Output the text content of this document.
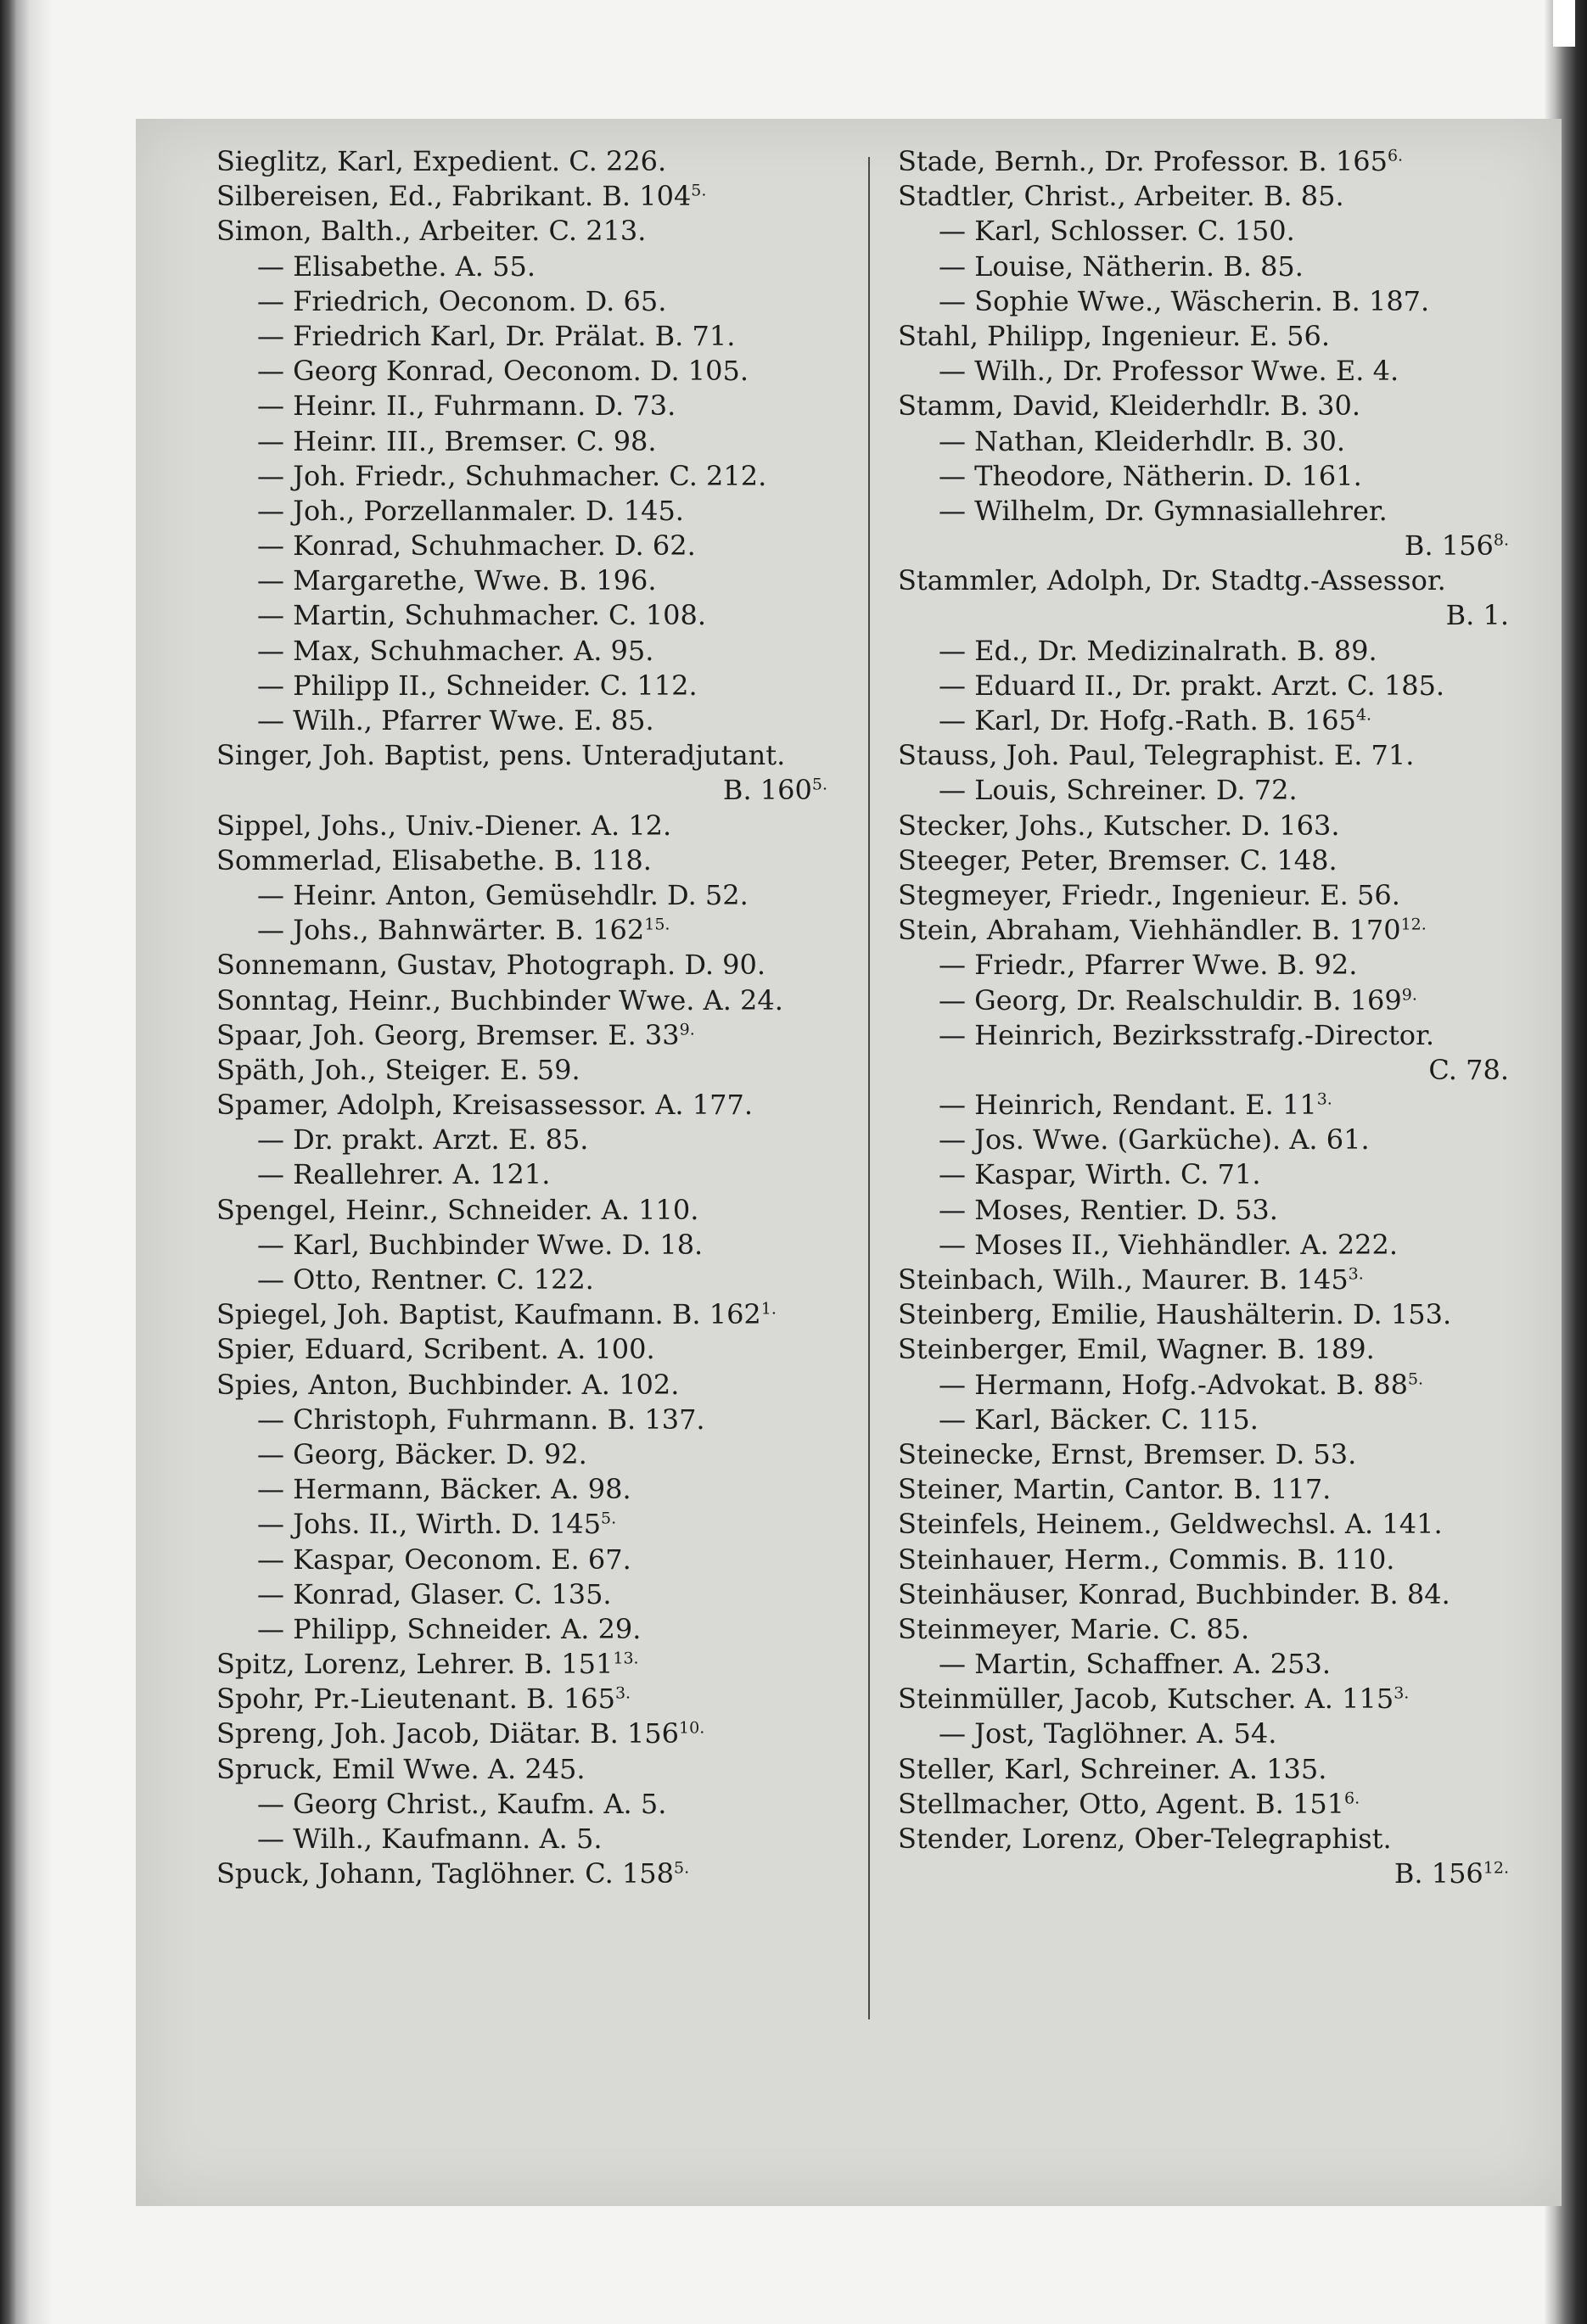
Sieglitz, Karl, Expedient. C. 226.
Silbereisen, Ed., Fabrikant. B. $104^{5.}$
Simon, Balth., Arbeiter. C. 213.
— Elisabethe. A. 55.
— Friedrich, Oeconom. D. 65.
— Friedrich Karl, Dr. Prälat. B. 71.
— Georg Konrad, Oeconom. D. 105.
— Heinr. II., Fuhrmann. D. 73.
— Heinr. III., Bremser. C. 98.
— Joh. Friedr., Schuhmacher. C. 212.
— Joh., Porzellanmaler. D. 145.
— Konrad, Schuhmacher. D. 62.
— Margarethe, Wwe. B. 196.
— Martin, Schuhmacher. C. 108.
— Max, Schuhmacher. A. 95.
— Philipp II., Schneider. C. 112.
— Wilh., Pfarrer Wwe. E. 85.
Singer, Joh. Baptist, pens. Unteradjutant.
B. $160^{5.}$
Sippel, Johs., Univ.-Diener. A. 12.
Sommerlad, Elisabethe. B. 118.
— Heinr. Anton, Gemüsehdlr. D. 52.
— Johs., Bahnwärter. B. $162^{15.}$
Sonnemann, Gustav, Photograph. D. 90.
Sonntag, Heinr., Buchbinder Wwe. A. 24.
Spaar, Joh. Georg, Bremser. E. $33^{9.}$
Späth, Joh., Steiger. E. 59.
Spamer, Adolph, Kreisassessor. A. 177.
— Dr. prakt. Arzt. E. 85.
— Reallehrer. A. 121.
Spengel, Heinr., Schneider. A. 110.
— Karl, Buchbinder Wwe. D. 18.
— Otto, Rentner. C. 122.
Spiegel, Joh. Baptist, Kaufmann. B. $162^{1.}$
Spier, Eduard, Scribent. A. 100.
Spies, Anton, Buchbinder. A. 102.
— Christoph, Fuhrmann. B. 137.
— Georg, Bäcker. D. 92.
— Hermann, Bäcker. A. 98.
— Johs. II., Wirth. D. $145^{5.}$
— Kaspar, Oeconom. E. 67.
— Konrad, Glaser. C. 135.
— Philipp, Schneider. A. 29.
Spitz, Lorenz, Lehrer. B. $151^{13.}$
Spohr, Pr.-Lieutenant. B. $165^{3.}$
Spreng, Joh. Jacob, Diätar. B. $156^{10.}$
Spruck, Emil Wwe. A. 245.
— Georg Christ., Kaufm. A. 5.
— Wilh., Kaufmann. A. 5.
Spuck, Johann, Taglöhner. C. $158^{5.}$
Stade, Bernh., Dr. Professor. B. $165^{6.}$
Stadtler, Christ., Arbeiter. B. 85.
— Karl, Schlosser. C. 150.
— Louise, Nätherin. B. 85.
— Sophie Wwe., Wäscherin. B. 187.
Stahl, Philipp, Ingenieur. E. 56.
— Wilh., Dr. Professor Wwe. E. 4.
Stamm, David, Kleiderhdlr. B. 30.
— Nathan, Kleiderhdlr. B. 30.
— Theodore, Nätherin. D. 161.
— Wilhelm, Dr. Gymnasiallehrer.
B. $156^{8.}$
Stammler, Adolph, Dr. Stadtg.-Assessor.
B. 1.
— Ed., Dr. Medizinalrath. B. 89.
— Eduard II., Dr. prakt. Arzt. C. 185.
— Karl, Dr. Hofg.-Rath. B. $165^{4.}$
Stauss, Joh. Paul, Telegraphist. E. 71.
— Louis, Schreiner. D. 72.
Stecker, Johs., Kutscher. D. 163.
Steeger, Peter, Bremser. C. 148.
Stegmeyer, Friedr., Ingenieur. E. 56.
Stein, Abraham, Viehhändler. B. $170^{12.}$
— Friedr., Pfarrer Wwe. B. 92.
— Georg, Dr. Realschuldir. B. $169^{9.}$
— Heinrich, Bezirksstrafg.-Director.
C. 78.
— Heinrich, Rendant. E. $11^{3.}$
— Jos. Wwe. (Garküche). A. 61.
— Kaspar, Wirth. C. 71.
— Moses, Rentier. D. 53.
— Moses II., Viehhändler. A. 222.
Steinbach, Wilh., Maurer. B. $145^{3.}$
Steinberg, Emilie, Haushälterin. D. 153.
Steinberger, Emil, Wagner. B. 189.
— Hermann, Hofg.-Advokat. B. $88^{5.}$
— Karl, Bäcker. C. 115.
Steinecke, Ernst, Bremser. D. 53.
Steiner, Martin, Cantor. B. 117.
Steinfels, Heinem., Geldwechsl. A. 141.
Steinhauer, Herm., Commis. B. 110.
Steinhäuser, Konrad, Buchbinder. B. 84.
Steinmeyer, Marie. C. 85.
— Martin, Schaffner. A. 253.
Steinmüller, Jacob, Kutscher. A. $115^{3.}$
— Jost, Taglöhner. A. 54.
Steller, Karl, Schreiner. A. 135.
Stellmacher, Otto, Agent. B. $151^{6.}$
Stender, Lorenz, Ober-Telegraphist.
B. $156^{12.}$
